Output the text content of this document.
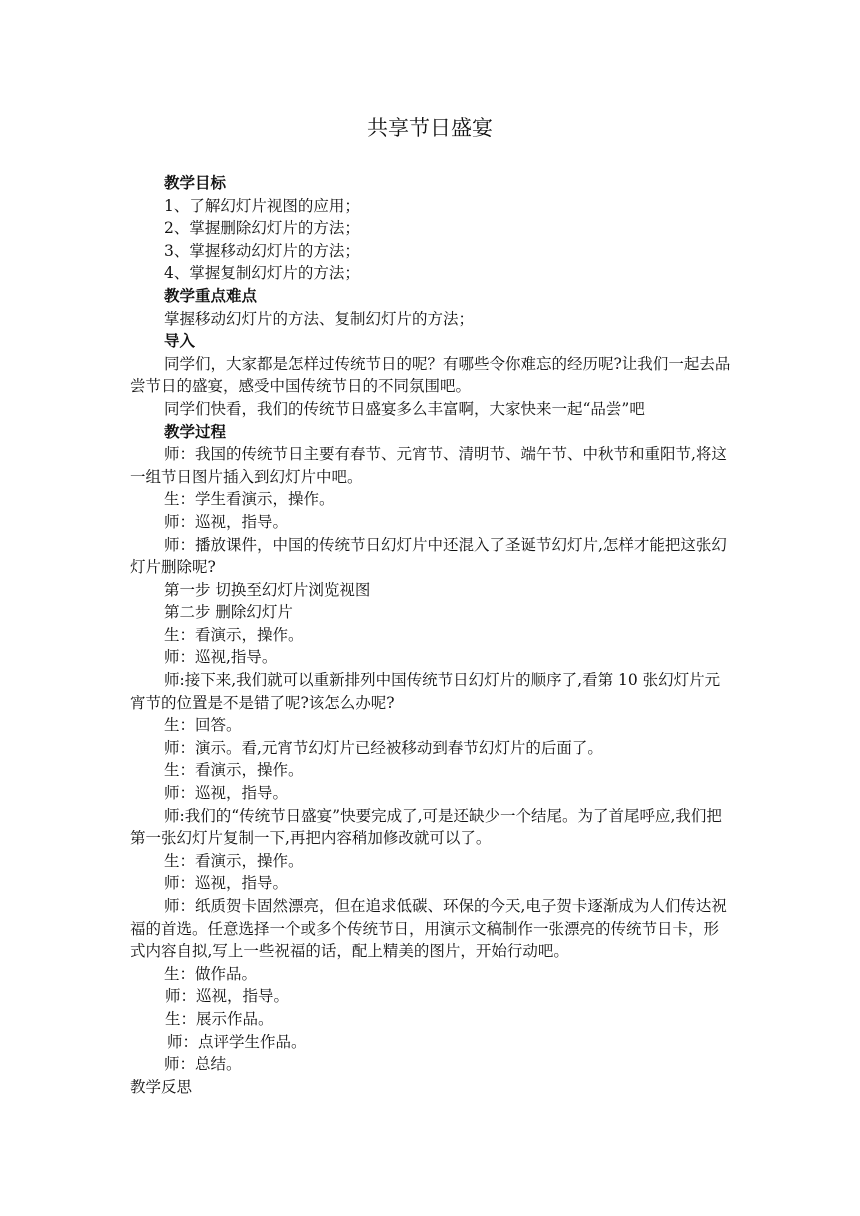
共享节日盛宴

教学目标

1、了解幻灯片视图的应用；

2、掌握删除幻灯片的方法；

3、掌握移动幻灯片的方法；

4、掌握复制幻灯片的方法；

教学重点难点

掌握移动幻灯片的方法、复制幻灯片的方法；

导入

同学们，大家都是怎样过传统节日的呢？有哪些令你难忘的经历呢?让我们一起去品尝节日的盛宴，感受中国传统节日的不同氛围吧。

同学们快看，我们的传统节日盛宴多么丰富啊，大家快来一起“品尝”吧

教学过程

师：我国的传统节日主要有春节、元宵节、清明节、端午节、中秋节和重阳节,将这一组节日图片插入到幻灯片中吧。

生：学生看演示，操作。

师：巡视，指导。

师：播放课件，中国的传统节日幻灯片中还混入了圣诞节幻灯片,怎样才能把这张幻灯片删除呢?

第一步 切换至幻灯片浏览视图

第二步 删除幻灯片

生：看演示，操作。

师：巡视,指导。

师:接下来,我们就可以重新排列中国传统节日幻灯片的顺序了,看第 10 张幻灯片元宵节的位置是不是错了呢?该怎么办呢?

生：回答。

师：演示。看,元宵节幻灯片已经被移动到春节幻灯片的后面了。

生：看演示，操作。

师：巡视，指导。

师:我们的“传统节日盛宴”快要完成了,可是还缺少一个结尾。为了首尾呼应,我们把第一张幻灯片复制一下,再把内容稍加修改就可以了。

生：看演示，操作。

师：巡视，指导。

师：纸质贺卡固然漂亮，但在追求低碳、环保的今天,电子贺卡逐渐成为人们传达祝福的首选。任意选择一个或多个传统节日，用演示文稿制作一张漂亮的传统节日卡，形式内容自拟,写上一些祝福的话，配上精美的图片，开始行动吧。

生：做作品。

师：巡视，指导。

生：展示作品。

师：点评学生作品。

师：总结。

教学反思
